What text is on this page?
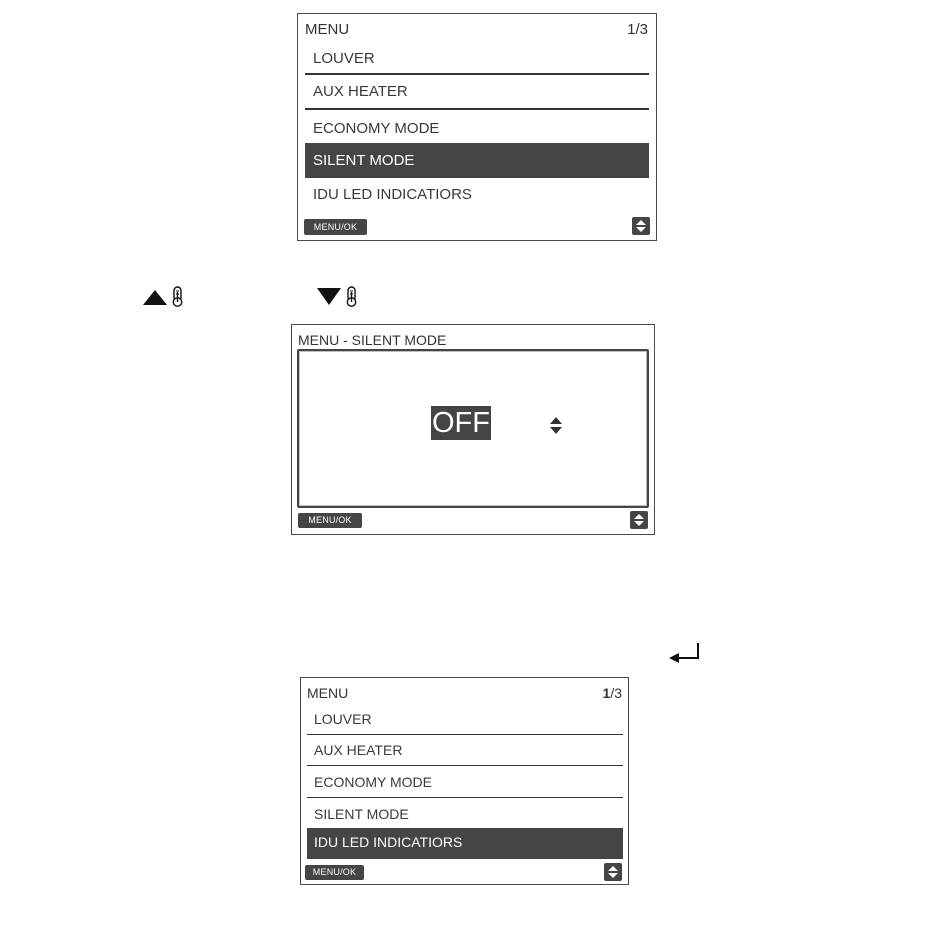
MENU	1/3
LOUVER
AUX HEATER
ECONOMY MODE
SILENT MODE
IDU LED INDICATIORS
MENU/OK
MENU - SILENT MODE
OFF
MENU/OK
MENU	1/3
LOUVER
AUX HEATER
ECONOMY MODE
SILENT MODE
IDU LED INDICATIORS
MENU/OK
